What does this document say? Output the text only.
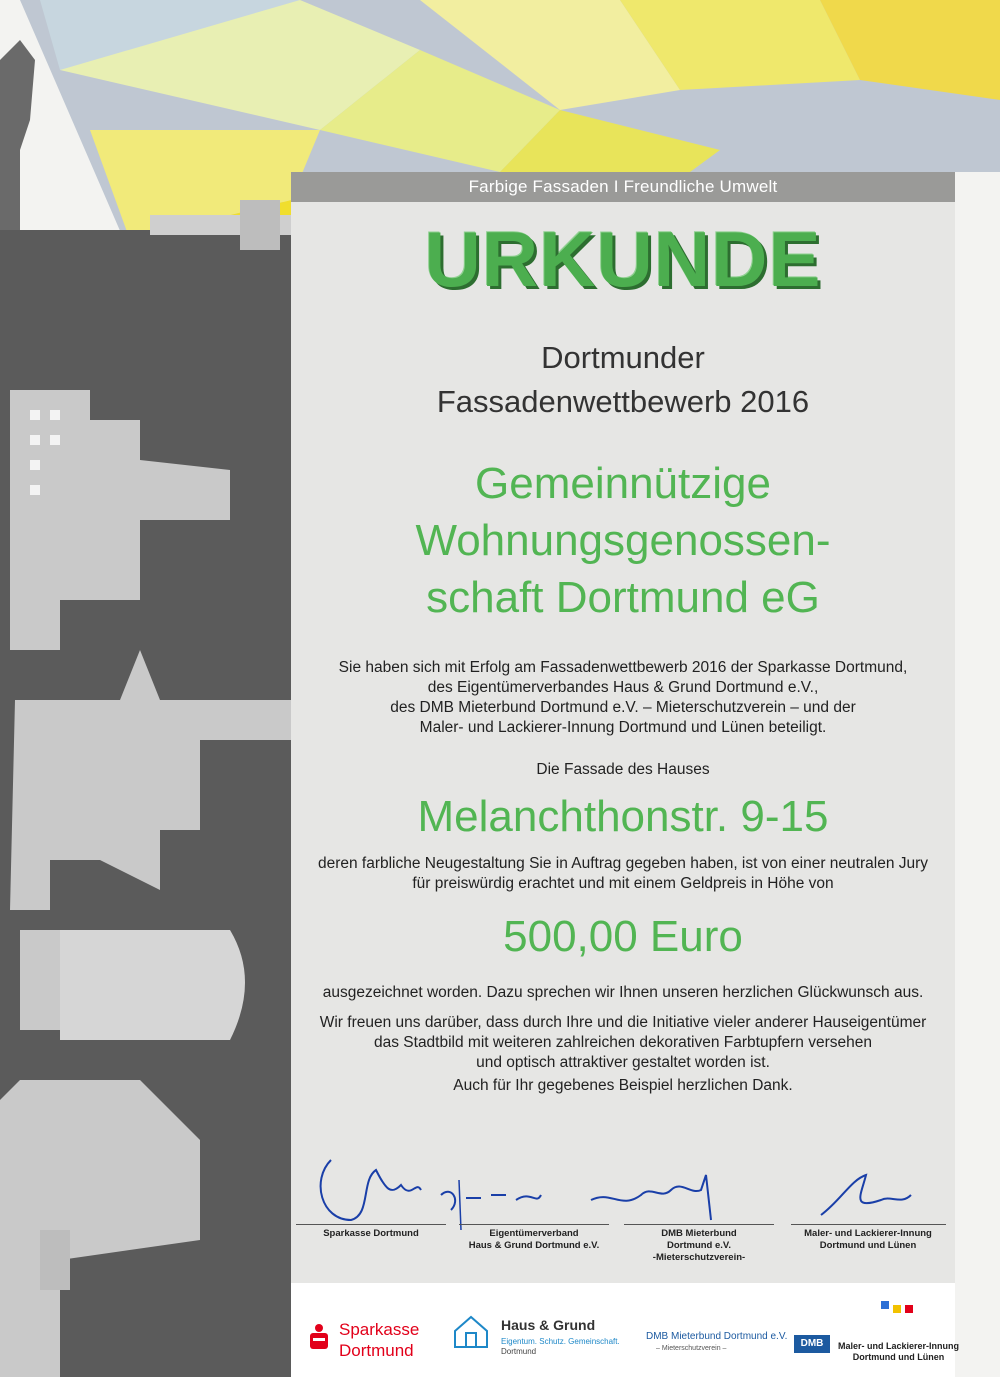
Farbige Fassaden I Freundliche Umwelt
URKUNDE
Dortmunder
Fassadenwettbewerb 2016
Gemeinnützige
Wohnungsgenossen-
schaft Dortmund eG
Sie haben sich mit Erfolg am Fassadenwettbewerb 2016 der Sparkasse Dortmund,
des Eigentümerverbandes Haus & Grund Dortmund e.V.,
des DMB Mieterbund Dortmund e.V. – Mieterschutzverein – und der
Maler- und Lackierer-Innung Dortmund und Lünen beteiligt.
Die Fassade des Hauses
Melanchthonstr. 9-15
deren farbliche Neugestaltung Sie in Auftrag gegeben haben, ist von einer neutralen Jury
für preiswürdig erachtet und mit einem Geldpreis in Höhe von
500,00 Euro
ausgezeichnet worden. Dazu sprechen wir Ihnen unseren herzlichen Glückwunsch aus.
Wir freuen uns darüber, dass durch Ihre und die Initiative vieler anderer Hauseigentümer
das Stadtbild mit weiteren zahlreichen dekorativen Farbtupfern versehen
und optisch attraktiver gestaltet worden ist.
Auch für Ihr gegebenes Beispiel herzlichen Dank.
Sparkasse Dortmund	Eigentümerverband
Haus & Grund Dortmund e.V.
DMB Mieterbund
Dortmund e.V.
-Mieterschutzverein-
Maler- und Lackierer-Innung
Dortmund und Lünen
Sparkasse
Dortmund
Haus & Grund
Eigentum. Schutz. Gemeinschaft.
Dortmund
DMB Mieterbund Dortmund e.V.
– Mieterschutzverein –	DMB	Maler- und Lackierer-Innung
Dortmund und Lünen
